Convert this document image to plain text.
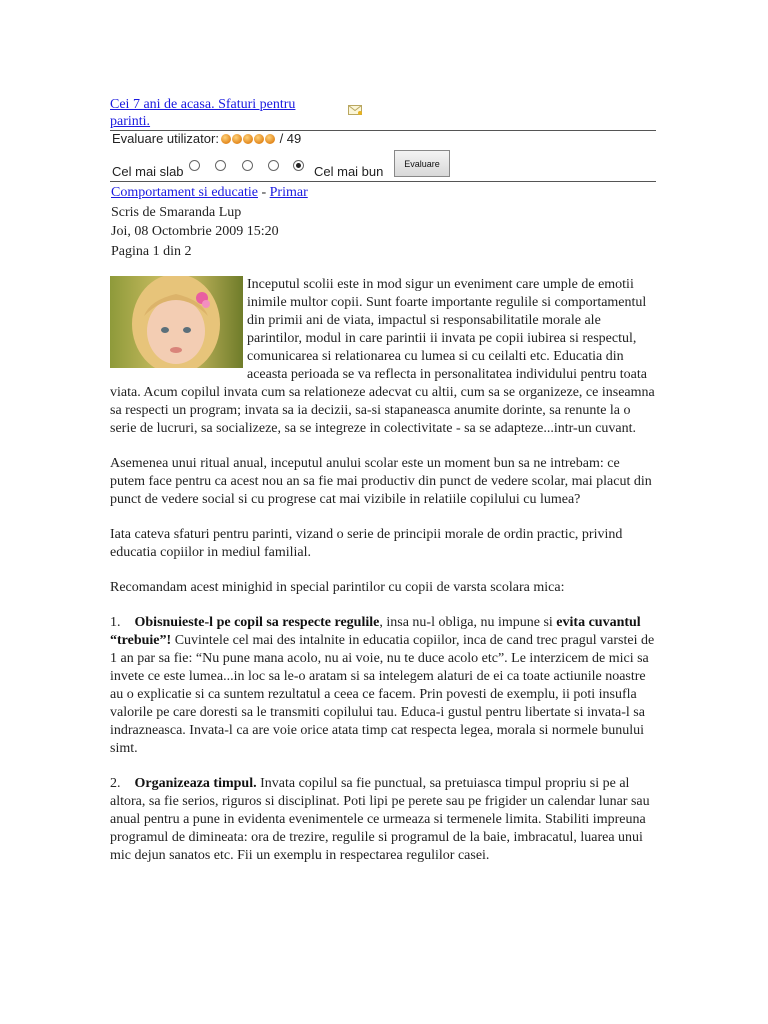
Cei 7 ani de acasa. Sfaturi pentru parinti.
Evaluare utilizator:	/ 49
Cel mai slab	Cel mai bun
Evaluare
Comportament si educatie - Primar
Scris de Smaranda Lup
Joi, 08 Octombrie 2009 15:20
Pagina 1 din 2

Inceputul scolii este in mod sigur un eveniment care umple de emotii inimile multor copii. Sunt foarte importante regulile si comportamentul din primii ani de viata, impactul si responsabilitatile morale ale parintilor, modul in care parintii ii invata pe copii iubirea si respectul, comunicarea si relationarea cu lumea si cu ceilalti etc. Educatia din aceasta perioada se va reflecta in personalitatea individului pentru toata viata. Acum copilul invata cum sa relationeze adecvat cu altii, cum sa se organizeze, ce inseamna sa respecti un program; invata sa ia decizii, sa-si stapaneasca anumite dorinte, sa renunte la o serie de lucruri, sa socializeze, sa se integreze in colectivitate - sa se adapteze...intr-un cuvant.

Asemenea unui ritual anual, inceputul anului scolar este un moment bun sa ne intrebam: ce putem face pentru ca acest nou an sa fie mai productiv din punct de vedere scolar, mai placut din punct de vedere social si cu progrese cat mai vizibile in relatiile copilului cu lumea?

Iata cateva sfaturi pentru parinti, vizand o serie de principii morale de ordin practic, privind educatia copiilor in mediul familial.

Recomandam acest minighid in special parintilor cu copii de varsta scolara mica:

1. Obisnuieste-l pe copil sa respecte regulile, insa nu-l obliga, nu impune si evita cuvantul “trebuie”! Cuvintele cel mai des intalnite in educatia copiilor, inca de cand trec pragul varstei de 1 an par sa fie: “Nu pune mana acolo, nu ai voie, nu te duce acolo etc”. Le interzicem de mici sa invete ce este lumea...in loc sa le-o aratam si sa intelegem alaturi de ei ca toate actiunile noastre au o explicatie si ca suntem rezultatul a ceea ce facem. Prin povesti de exemplu, ii poti insufla valorile pe care doresti sa le transmiti copilului tau. Educa-i gustul pentru libertate si invata-l sa indrazneasca. Invata-l ca are voie orice atata timp cat respecta legea, morala si normele bunului simt.

2. Organizeaza timpul. Invata copilul sa fie punctual, sa pretuiasca timpul propriu si pe al altora, sa fie serios, riguros si disciplinat. Poti lipi pe perete sau pe frigider un calendar lunar sau anual pentru a pune in evidenta evenimentele ce urmeaza si termenele limita. Stabiliti impreuna programul de dimineata: ora de trezire, regulile si programul de la baie, imbracatul, luarea unui mic dejun sanatos etc. Fii un exemplu in respectarea regulilor casei.
